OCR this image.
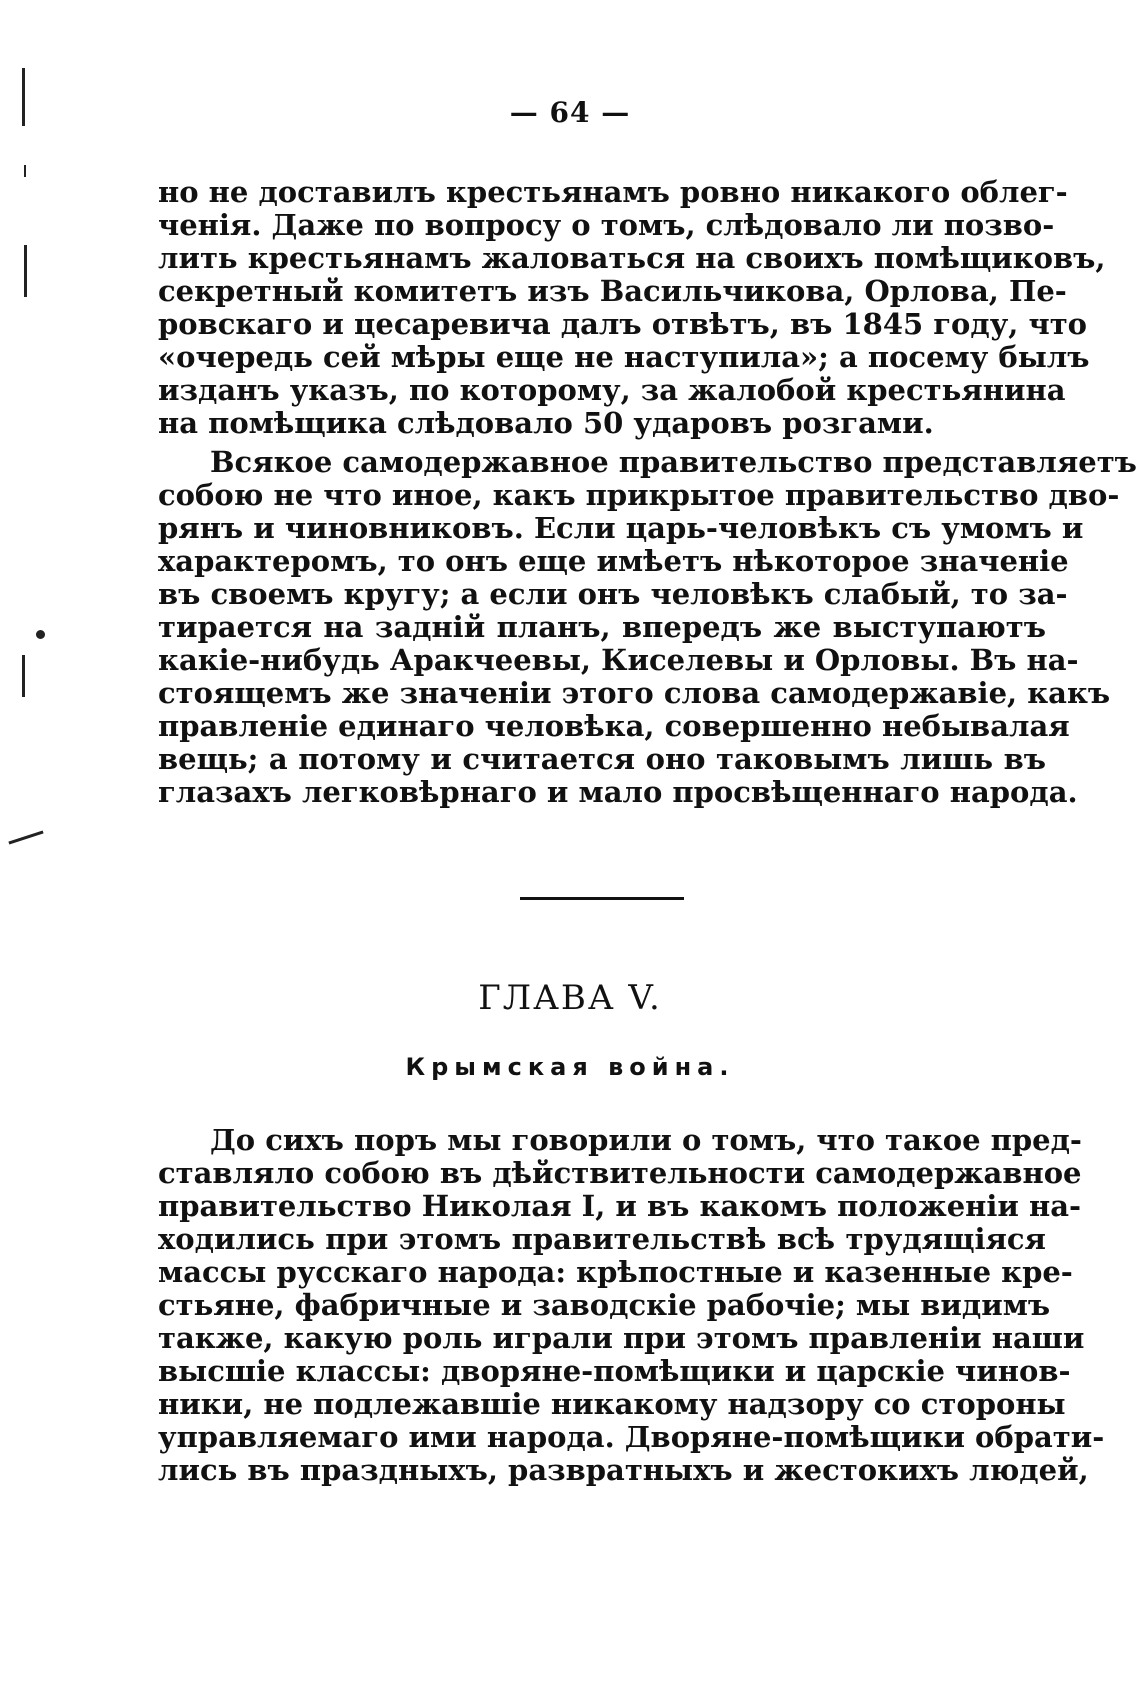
— 64 —
но не доставилъ крестьянамъ ровно никакого облег-
ченія. Даже по вопросу о томъ, слѣдовало ли позво-
лить крестьянамъ жаловаться на своихъ помѣщиковъ,
секретный комитетъ изъ Васильчикова, Орлова, Пе-
ровскаго и цесаревича далъ отвѣтъ, въ 1845 году, что
«очередь сей мѣры еще не наступила»; а посему былъ
изданъ указъ, по которому, за жалобой крестьянина
на помѣщика слѣдовало 50 ударовъ розгами.
Всякое самодержавное правительство представляетъ
собою не что иное, какъ прикрытое правительство дво-
рянъ и чиновниковъ. Если царь-человѣкъ съ умомъ и
характеромъ, то онъ еще имѣетъ нѣкоторое значеніе
въ своемъ кругу; а если онъ человѣкъ слабый, то за-
тирается на заднiй планъ, впередъ же выступаютъ
какіе-нибудь Аракчеевы, Киселевы и Орловы. Въ на-
стоящемъ же значеніи этого слова самодержавіе, какъ
правленіе единаго человѣка, совершенно небывалая
вещь; а потому и считается оно таковымъ лишь въ
глазахъ легковѣрнаго и мало просвѣщеннаго народа.
ГЛАВА V.
Крымская война.
До сихъ поръ мы говорили о томъ, что такое пред-
ставляло собою въ дѣйствительности самодержавное
правительство Николая I, и въ какомъ положеніи на-
ходились при этомъ правительствѣ всѣ трудящіяся
массы русскаго народа: крѣпостные и казенные кре-
стьяне, фабричные и заводскіе рабочіе; мы видимъ
также, какую роль играли при этомъ правленіи наши
высшіе классы: дворяне-помѣщики и царскіе чинов-
ники, не подлежавшіе никакому надзору со стороны
управляемаго ими народа. Дворяне-помѣщики обрати-
лись въ праздныхъ, развратныхъ и жестокихъ людей,
